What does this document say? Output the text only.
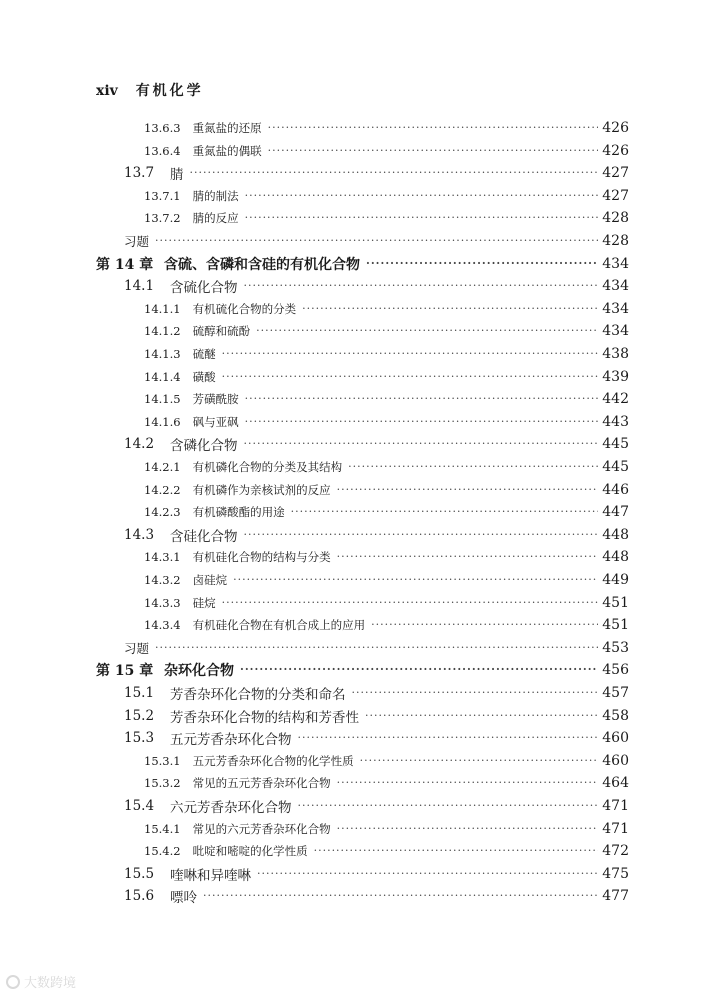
xiv 有机化学
13.6.3 重氮盐的还原 ·····	426
13.6.4 重氮盐的偶联 ·····	426
13.7 腈 ·····	427
13.7.1 腈的制法 ·····	427
13.7.2 腈的反应 ·····	428
习题 ·····	428
第 14 章 含硫、含磷和含硅的有机化合物 ·····	434
14.1 含硫化合物 ·····	434
14.1.1 有机硫化合物的分类 ·····	434
14.1.2 硫醇和硫酚 ·····	434
14.1.3 硫醚 ·····	438
14.1.4 磺酸 ·····	439
14.1.5 芳磺酰胺 ·····	442
14.1.6 砜与亚砜 ·····	443
14.2 含磷化合物 ·····	445
14.2.1 有机磷化合物的分类及其结构 ·····	445
14.2.2 有机磷作为亲核试剂的反应 ·····	446
14.2.3 有机磷酸酯的用途 ·····	447
14.3 含硅化合物 ·····	448
14.3.1 有机硅化合物的结构与分类 ·····	448
14.3.2 卤硅烷 ·····	449
14.3.3 硅烷 ·····	451
14.3.4 有机硅化合物在有机合成上的应用 ·····	451
习题 ·····	453
第 15 章 杂环化合物 ·····	456
15.1 芳香杂环化合物的分类和命名 ·····	457
15.2 芳香杂环化合物的结构和芳香性 ·····	458
15.3 五元芳香杂环化合物 ·····	460
15.3.1 五元芳香杂环化合物的化学性质 ·····	460
15.3.2 常见的五元芳香杂环化合物 ·····	464
15.4 六元芳香杂环化合物 ·····	471
15.4.1 常见的六元芳香杂环化合物 ·····	471
15.4.2 吡啶和嘧啶的化学性质 ·····	472
15.5 喹啉和异喹啉 ·····	475
15.6 嘌呤 ·····	477
大数跨境
